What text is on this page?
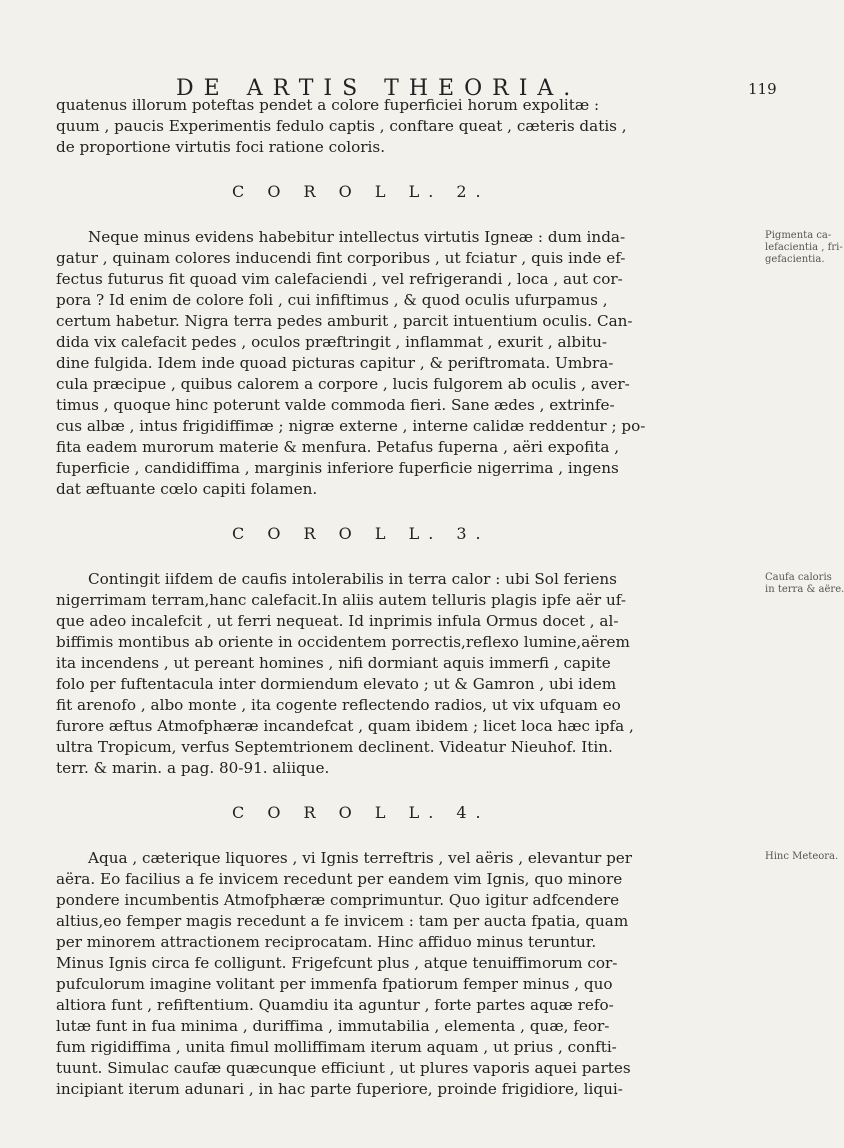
DE ARTIS THEORIA.	119
quatenus illorum poteftas pendet a colore fuperficiei horum expolitæ :
quum , paucis Experimentis fedulo captis , conftare queat , cæteris datis ,
de proportione virtutis foci ratione coloris.
C O R O L L. 2.
Neque minus evidens habebitur intellectus virtutis Igneæ : dum inda-
gatur , quinam colores inducendi fint corporibus , ut fciatur , quis inde ef-
fectus futurus fit quoad vim calefaciendi , vel refrigerandi , loca , aut cor-
pora ? Id enim de colore foli , cui infiftimus , & quod oculis ufurpamus ,
certum habetur. Nigra terra pedes amburit , parcit intuentium oculis. Can-
dida vix calefacit pedes , oculos præftringit , inflammat , exurit , albitu-
dine fulgida. Idem inde quoad picturas capitur , & periftromata. Umbra-
cula præcipue , quibus calorem a corpore , lucis fulgorem ab oculis , aver-
timus , quoque hinc poterunt valde commoda fieri. Sane ædes , extrinfe-
cus albæ , intus frigidiffimæ ; nigræ externe , interne calidæ reddentur ; po-
fita eadem murorum materie & menfura. Petafus fuperna , aëri expofita ,
fuperficie , candidiffima , marginis inferiore fuperficie nigerrima , ingens
dat æftuante cœlo capiti folamen.
Pigmenta ca-
lefacientia , fri-
gefacientia.
C O R O L L. 3.
Contingit iifdem de caufis intolerabilis in terra calor : ubi Sol feriens
nigerrimam terram,hanc calefacit.In aliis autem telluris plagis ipfe aër uf-
que adeo incalefcit , ut ferri nequeat. Id inprimis infula Ormus docet , al-
biffimis montibus ab oriente in occidentem porrectis,reflexo lumine,aërem
ita incendens , ut pereant homines , nifi dormiant aquis immerfi , capite
folo per fuftentacula inter dormiendum elevato ; ut & Gamron , ubi idem
fit arenofo , albo monte , ita cogente reflectendo radios, ut vix ufquam eo
furore æftus Atmofphæræ incandefcat , quam ibidem ; licet loca hæc ipfa ,
ultra Tropicum, verfus Septemtrionem declinent. Videatur Nieuhof. Itin.
terr. & marin. a pag. 80-91. aliique.
Caufa caloris
in terra & aëre.
C O R O L L. 4.
Aqua , cæterique liquores , vi Ignis terreftris , vel aëris , elevantur per
aëra. Eo facilius a fe invicem recedunt per eandem vim Ignis, quo minore
pondere incumbentis Atmofphæræ comprimuntur. Quo igitur adfcendere
altius,eo femper magis recedunt a fe invicem : tam per aucta fpatia, quam
per minorem attractionem reciprocatam. Hinc affiduo minus teruntur.
Minus Ignis circa fe colligunt. Frigefcunt plus , atque tenuiffimorum cor-
pufculorum imagine volitant per immenfa fpatiorum femper minus , quo
altiora funt , refiftentium. Quamdiu ita aguntur , forte partes aquæ refo-
lutæ funt in fua minima , duriffima , immutabilia , elementa , quæ, feor-
fum rigidiffima , unita fimul molliffimam iterum aquam , ut prius , confti-
tuunt. Simulac caufæ quæcunque efficiunt , ut plures vaporis aquei partes
incipiant iterum adunari , in hac parte fuperiore, proinde frigidiore, liqui-
Hinc Meteora.
